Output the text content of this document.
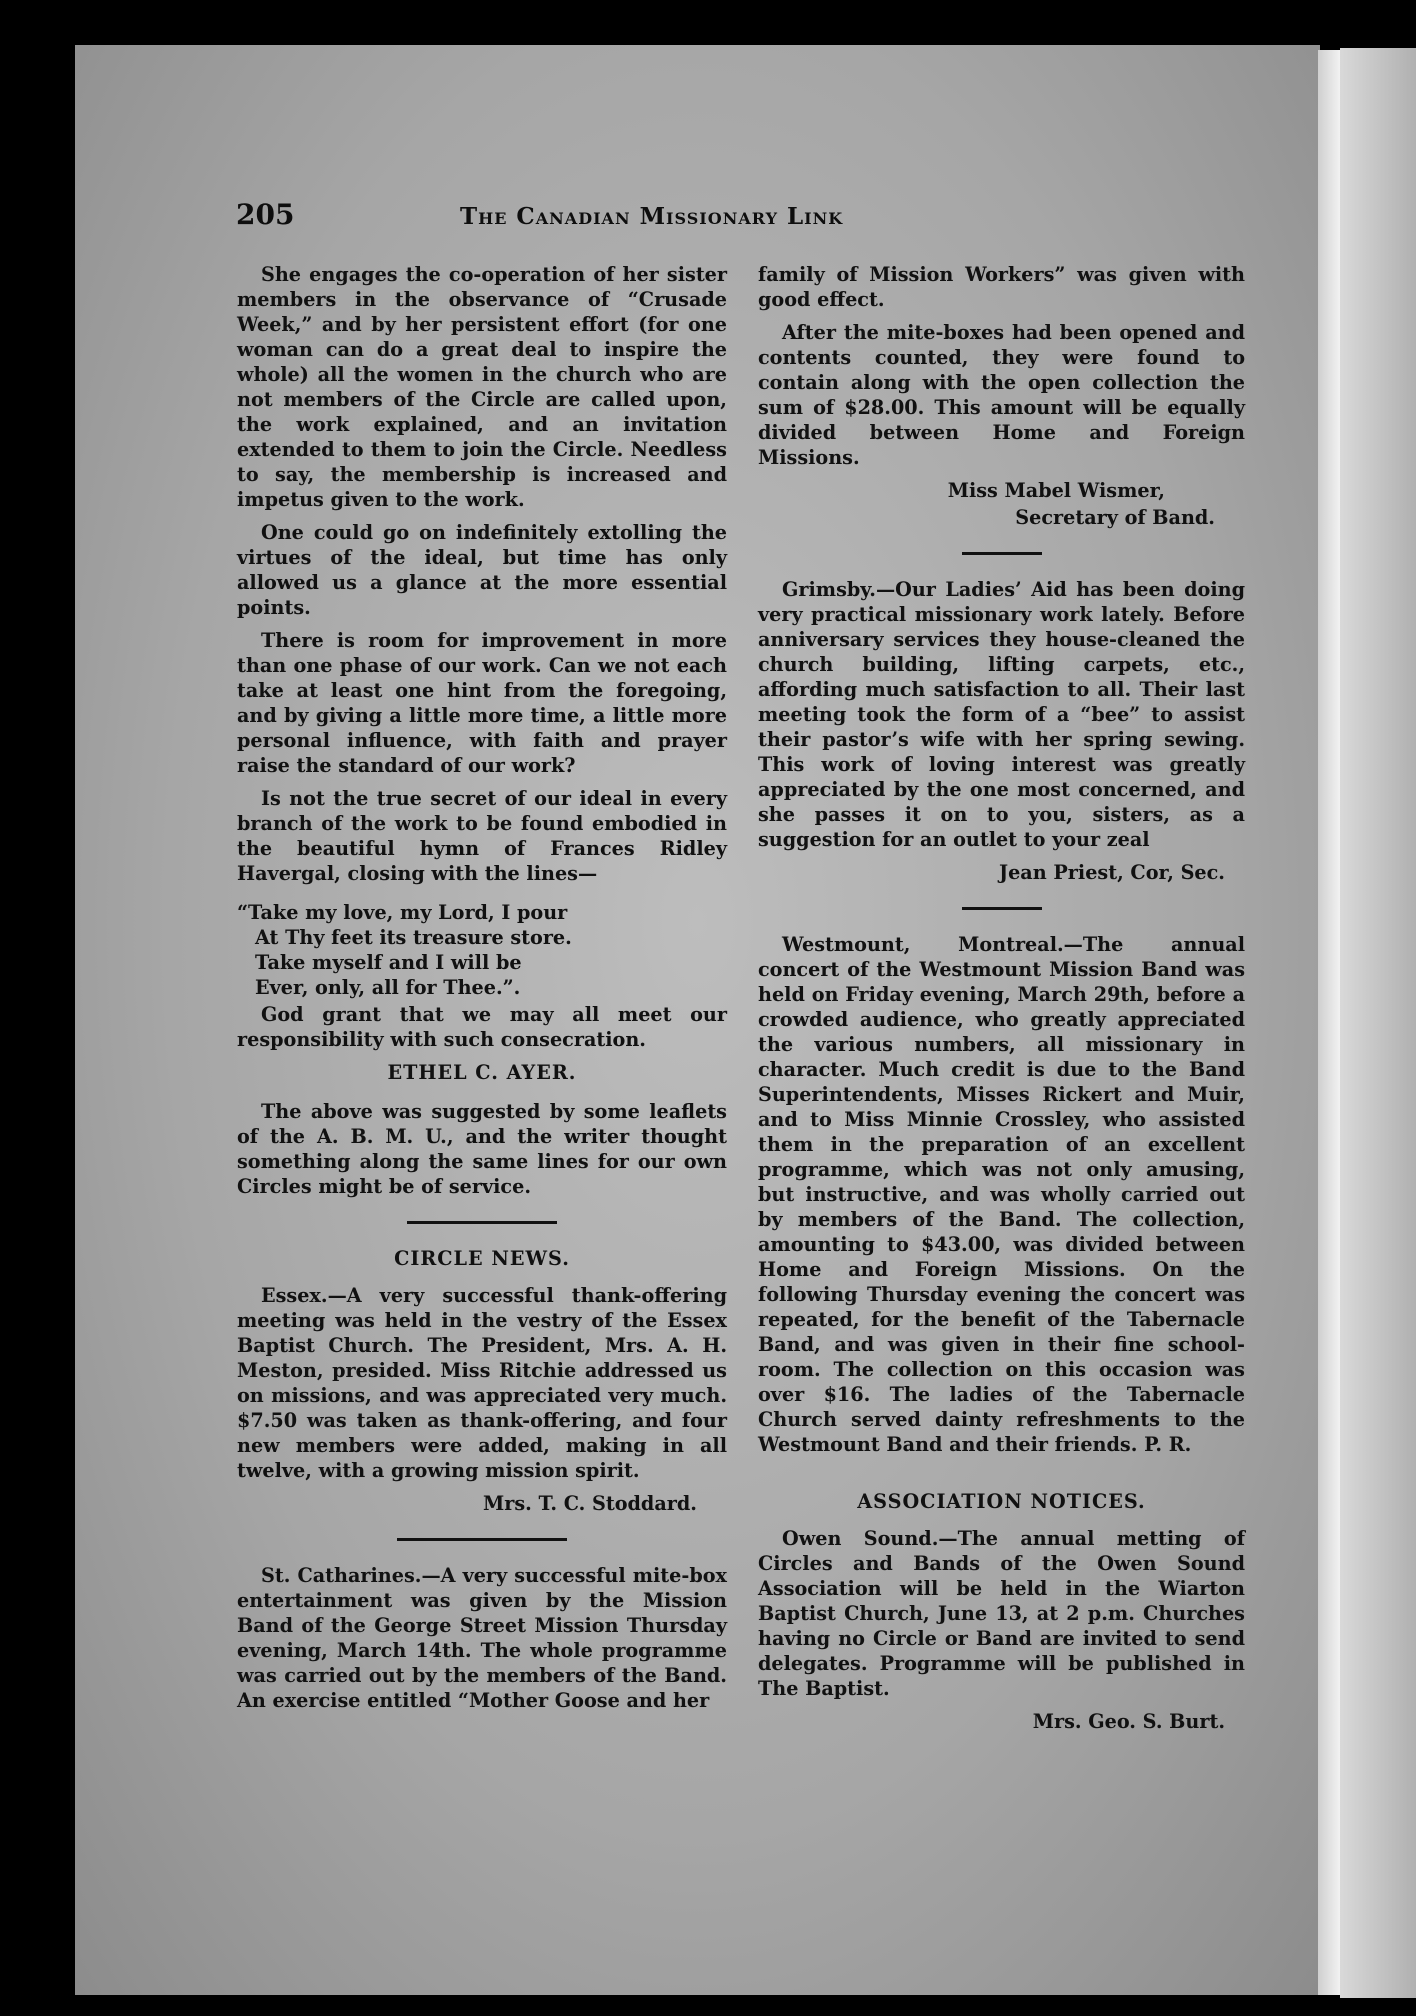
205	The Canadian Missionary Link

She engages the co-operation of her sister members in the observance of “Crusade Week,” and by her persistent effort (for one woman can do a great deal to inspire the whole) all the women in the church who are not members of the Circle are called upon, the work explained, and an invitation extended to them to join the Circle. Needless to say, the membership is increased and impetus given to the work.

One could go on indefinitely extolling the virtues of the ideal, but time has only allowed us a glance at the more essential points.

There is room for improvement in more than one phase of our work. Can we not each take at least one hint from the foregoing, and by giving a little more time, a little more personal influence, with faith and prayer raise the standard of our work?

Is not the true secret of our ideal in every branch of the work to be found embodied in the beautiful hymn of Frances Ridley Havergal, closing with the lines—

“Take my love, my Lord, I pour
At Thy feet its treasure store.
Take myself and I will be
Ever, only, all for Thee.”.

God grant that we may all meet our responsibility with such consecration.

ETHEL C. AYER.

The above was suggested by some leaflets of the A. B. M. U., and the writer thought something along the same lines for our own Circles might be of service.

CIRCLE NEWS.

Essex.—A very successful thank-offering meeting was held in the vestry of the Essex Baptist Church. The President, Mrs. A. H. Meston, presided. Miss Ritchie addressed us on missions, and was appreciated very much. $7.50 was taken as thank-offering, and four new members were added, making in all twelve, with a growing mission spirit.

Mrs. T. C. Stoddard.

St. Catharines.—A very successful mite-box entertainment was given by the Mission Band of the George Street Mission Thursday evening, March 14th. The whole programme was carried out by the members of the Band. An exercise entitled “Mother Goose and her

family of Mission Workers” was given with good effect.

After the mite-boxes had been opened and contents counted, they were found to contain along with the open collection the sum of $28.00. This amount will be equally divided between Home and Foreign Missions.

Miss Mabel Wismer,
Secretary of Band.

Grimsby.—Our Ladies’ Aid has been doing very practical missionary work lately. Before anniversary services they house-cleaned the church building, lifting carpets, etc., affording much satisfaction to all. Their last meeting took the form of a “bee” to assist their pastor’s wife with her spring sewing. This work of loving interest was greatly appreciated by the one most concerned, and she passes it on to you, sisters, as a suggestion for an outlet to your zeal

Jean Priest, Cor, Sec.

Westmount, Montreal.—The annual concert of the Westmount Mission Band was held on Friday evening, March 29th, before a crowded audience, who greatly appreciated the various numbers, all missionary in character. Much credit is due to the Band Superintendents, Misses Rickert and Muir, and to Miss Minnie Crossley, who assisted them in the preparation of an excellent programme, which was not only amusing, but instructive, and was wholly carried out by members of the Band. The collection, amounting to $43.00, was divided between Home and Foreign Missions. On the following Thursday evening the concert was repeated, for the benefit of the Tabernacle Band, and was given in their fine school-room. The collection on this occasion was over $16. The ladies of the Tabernacle Church served dainty refreshments to the Westmount Band and their friends. P. R.

ASSOCIATION NOTICES.

Owen Sound.—The annual metting of Circles and Bands of the Owen Sound Association will be held in the Wiarton Baptist Church, June 13, at 2 p.m. Churches having no Circle or Band are invited to send delegates. Programme will be published in The Baptist.

Mrs. Geo. S. Burt.
